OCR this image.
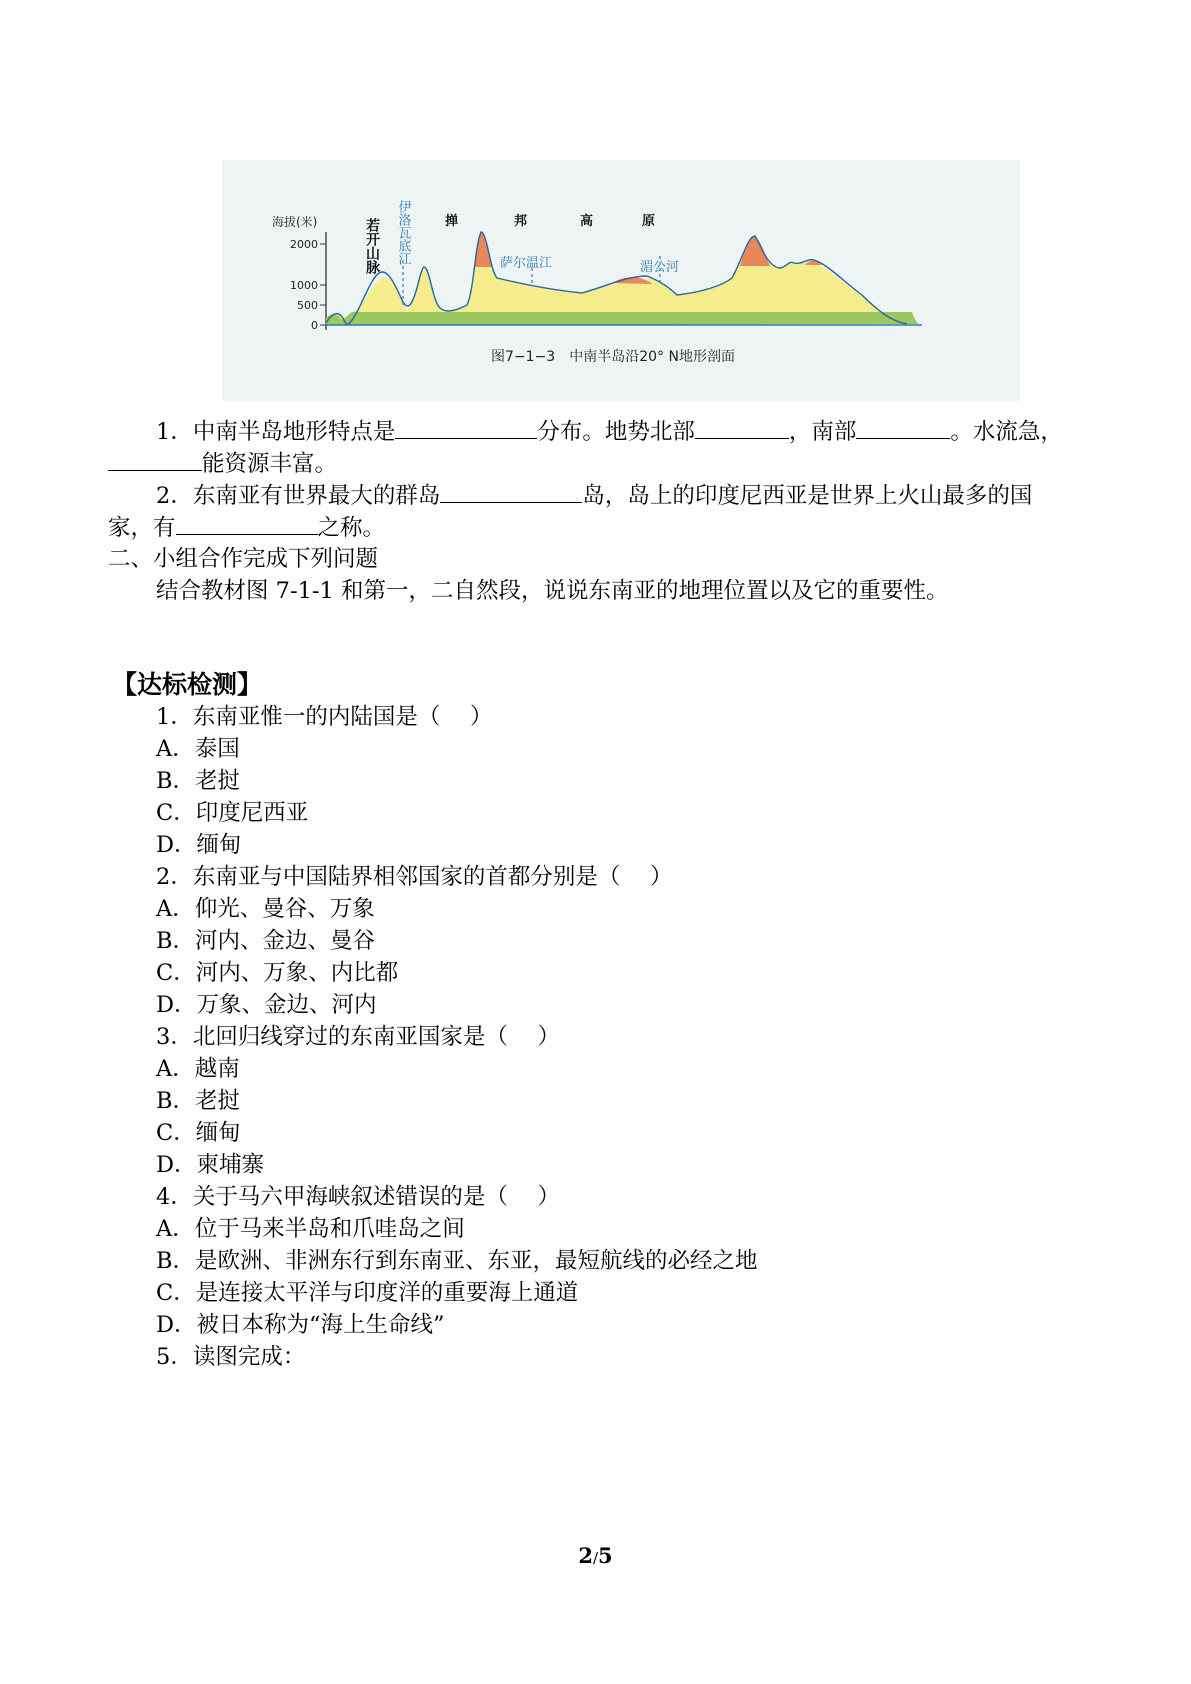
海拔(米)
2000
1000
500
0
若开山脉 伊洛瓦底江	掸	邦	高	原
萨尔温江	湄公河
图7−1−3　中南半岛沿20° N地形剖面
1．中南半岛地形特点是	分布。地势北部	，南部	。水流急，
能资源丰富。
2．东南亚有世界最大的群岛	岛，岛上的印度尼西亚是世界上火山最多的国
家，有	之称。
二、小组合作完成下列问题
结合教材图 7-1-1 和第一，二自然段，说说东南亚的地理位置以及它的重要性。
【达标检测】
1．东南亚惟一的内陆国是（　 ）
A．泰国
B．老挝
C．印度尼西亚
D．缅甸
2．东南亚与中国陆界相邻国家的首都分别是（　 ）
A．仰光、曼谷、万象
B．河内、金边、曼谷
C．河内、万象、内比都
D．万象、金边、河内
3．北回归线穿过的东南亚国家是（　 ）
A．越南
B．老挝
C．缅甸
D．柬埔寨
4．关于马六甲海峡叙述错误的是（　 ）
A．位于马来半岛和爪哇岛之间
B．是欧洲、非洲东行到东南亚、东亚，最短航线的必经之地
C．是连接太平洋与印度洋的重要海上通道
D．被日本称为“海上生命线”
5．读图完成：
2/5
